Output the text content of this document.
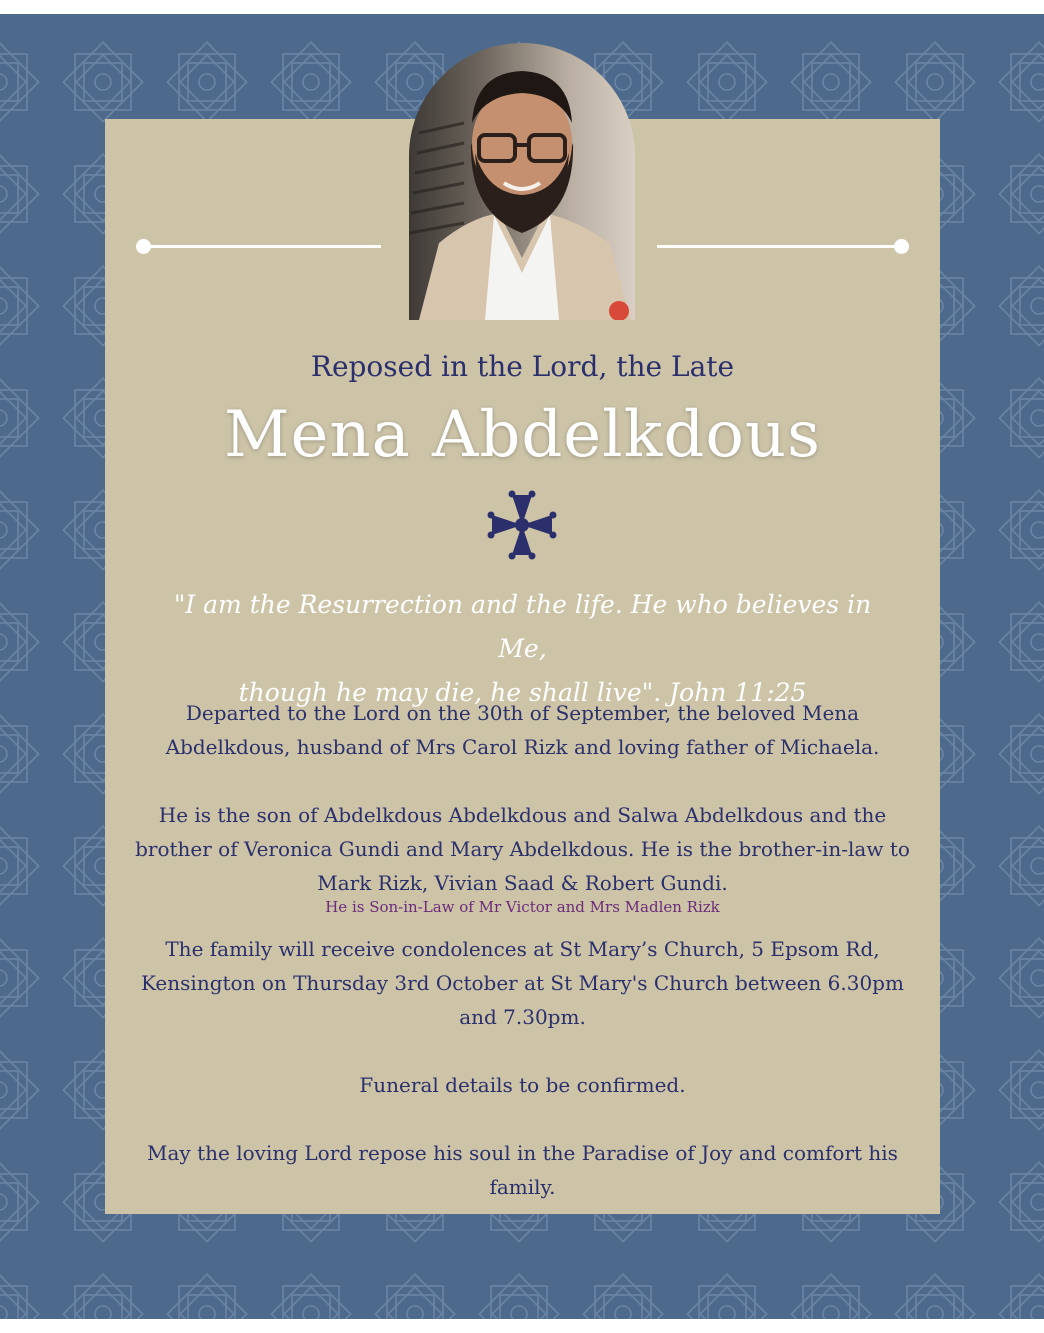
Reposed in the Lord, the Late
Mena Abdelkdous

"I am the Resurrection and the life. He who believes in Me,
though he may die, he shall live". John 11:25

Departed to the Lord on the 30th of September, the beloved Mena Abdelkdous, husband of Mrs Carol Rizk and loving father of Michaela.

He is the son of Abdelkdous Abdelkdous and Salwa Abdelkdous and the brother of Veronica Gundi and Mary Abdelkdous. He is the brother-in-law to Mark Rizk, Vivian Saad & Robert Gundi.

He is Son-in-Law of Mr Victor and Mrs Madlen Rizk

The family will receive condolences at St Mary’s Church, 5 Epsom Rd, Kensington on Thursday 3rd October at St Mary's Church between 6.30pm and 7.30pm.

Funeral details to be confirmed.

May the loving Lord repose his soul in the Paradise of Joy and comfort his family.
